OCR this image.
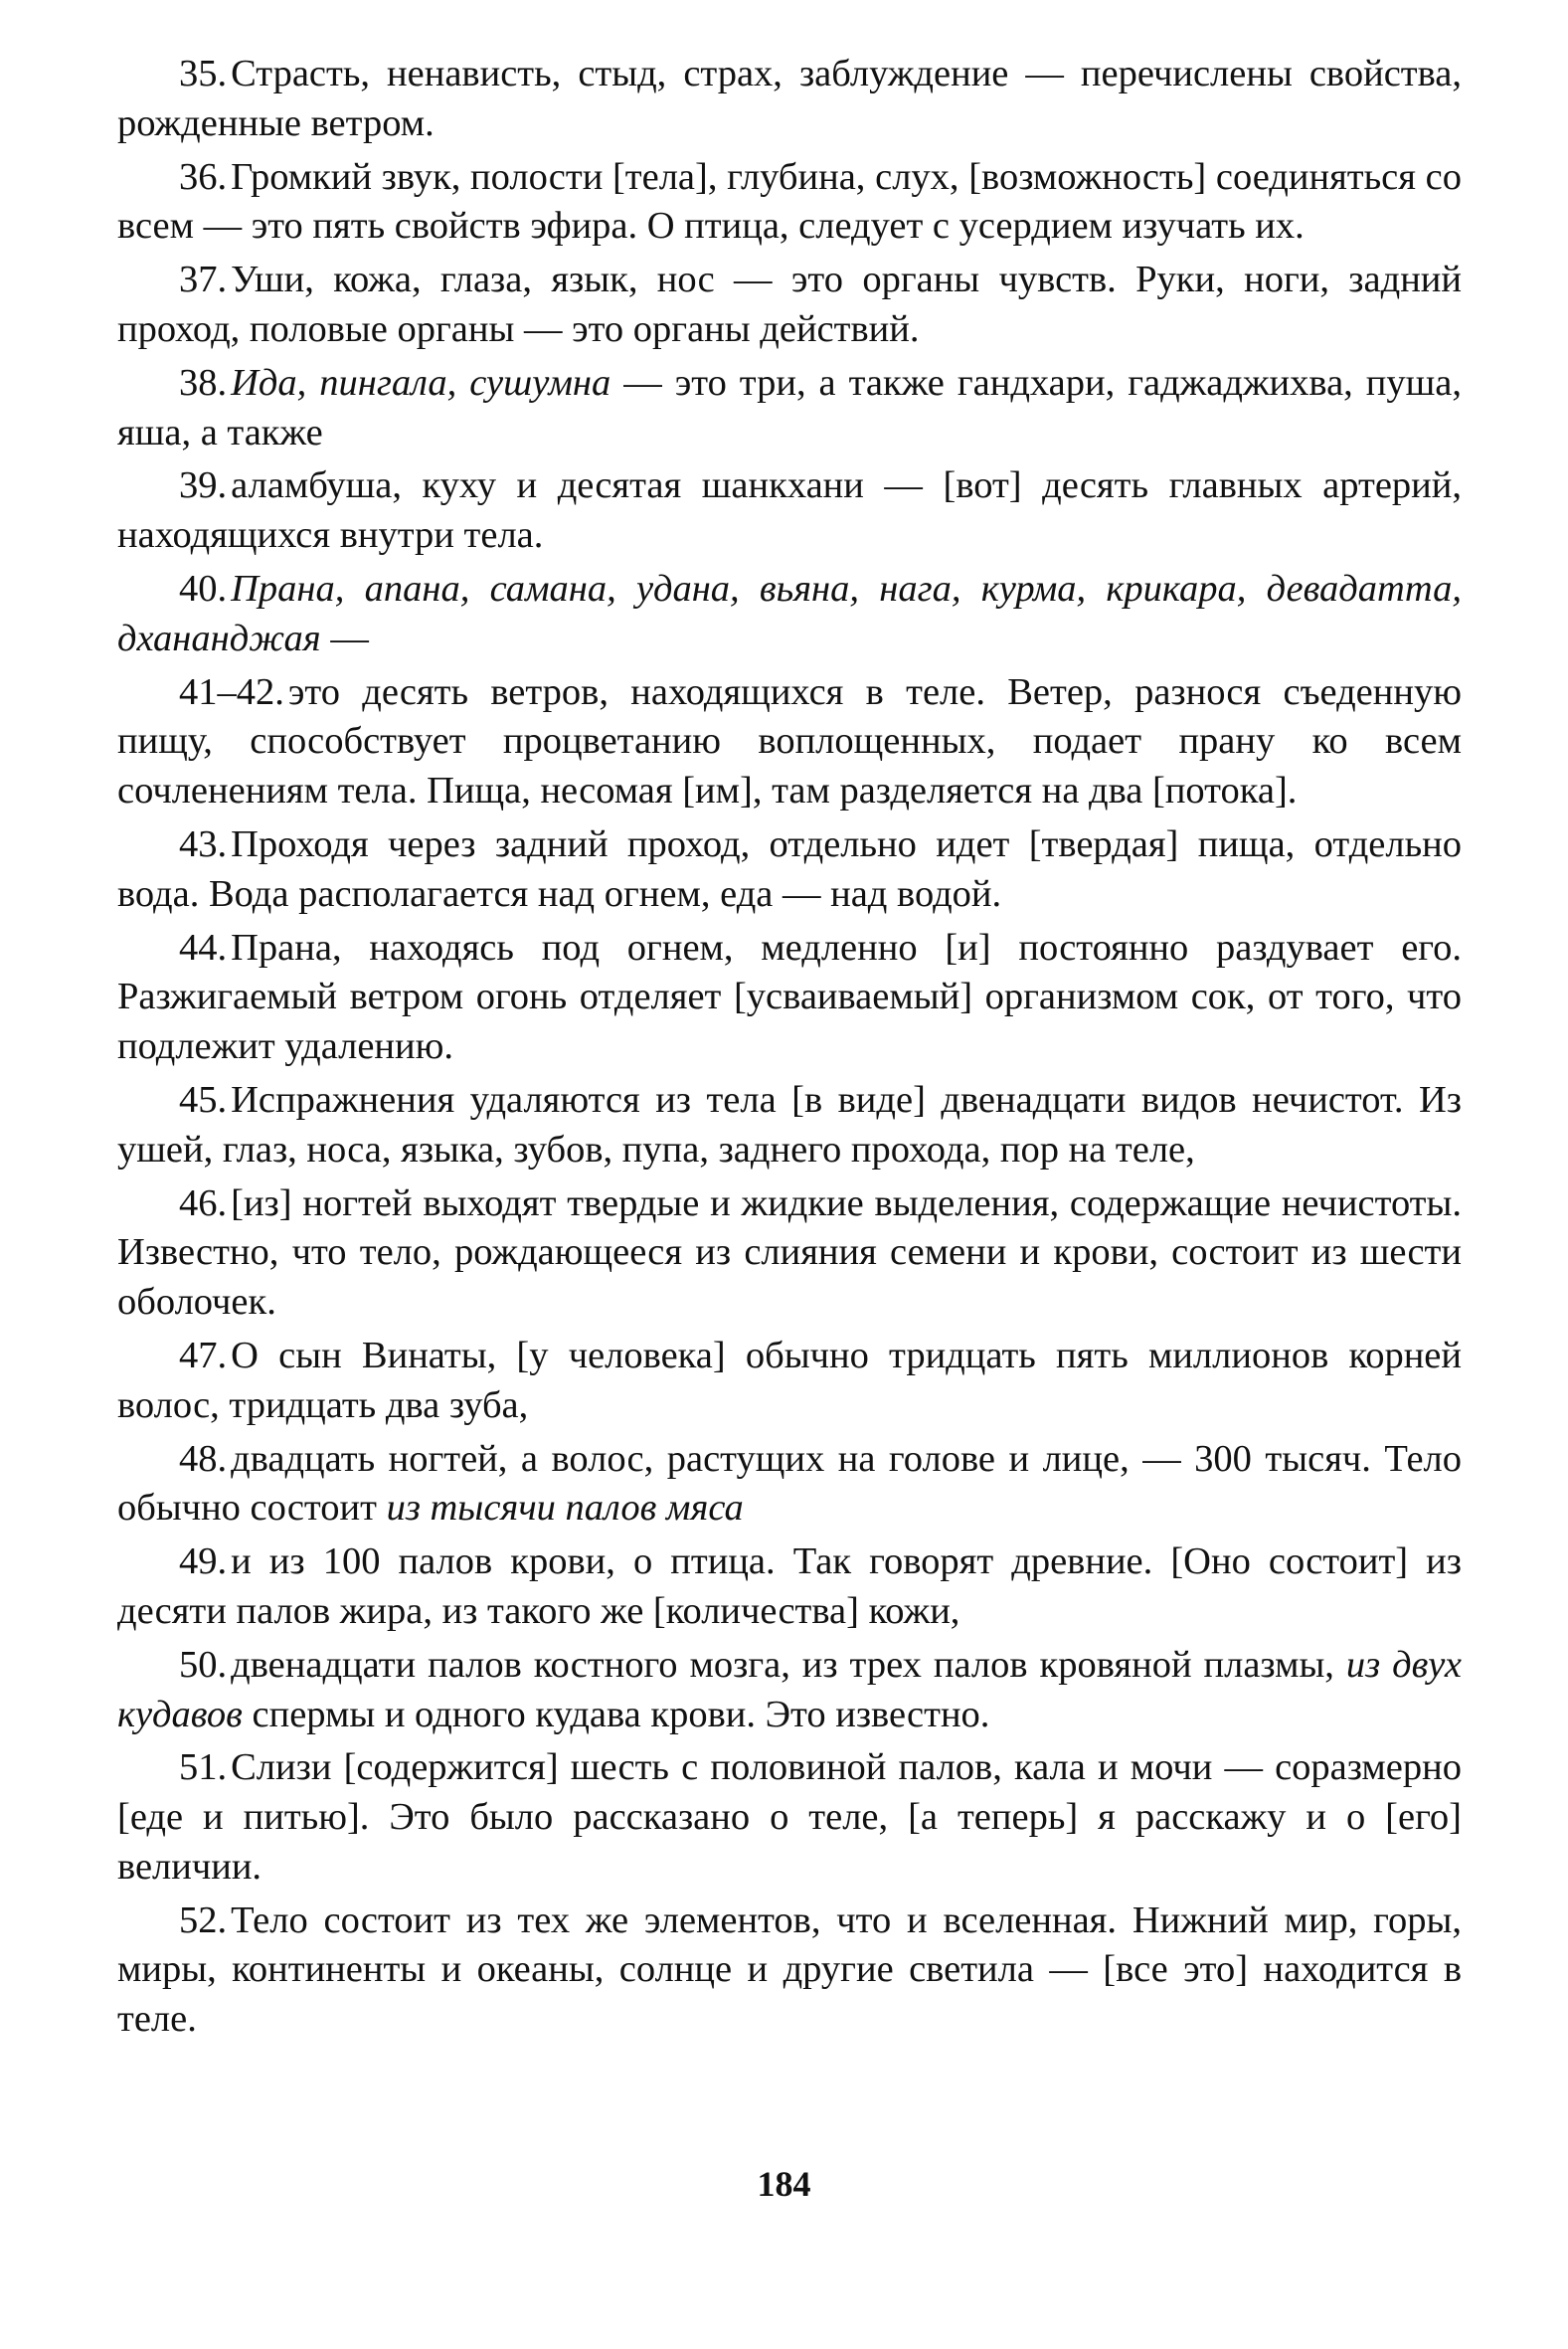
35. Страсть, ненависть, стыд, страх, заблуждение — перечислены свойства, рожденные ветром.

36. Громкий звук, полости [тела], глубина, слух, [возможность] соединяться со всем — это пять свойств эфира. О птица, следует с усердием изучать их.

37. Уши, кожа, глаза, язык, нос — это органы чувств. Руки, ноги, задний проход, половые органы — это органы действий.

38. Ида, пингала, сушумна — это три, а также гандхари, гаджаджихва, пуша, яша, а также

39. аламбуша, куху и десятая шанкхани — [вот] десять главных артерий, находящихся внутри тела.

40. Прана, апана, самана, удана, вьяна, нага, курма, крикара, девадатта, дхананджая —

41–42. это десять ветров, находящихся в теле. Ветер, разнося съеденную пищу, способствует процветанию воплощенных, подает прану ко всем сочленениям тела. Пища, несомая [им], там разделяется на два [потока].

43. Проходя через задний проход, отдельно идет [твердая] пища, отдельно вода. Вода располагается над огнем, еда — над водой.

44. Прана, находясь под огнем, медленно [и] постоянно раздувает его. Разжигаемый ветром огонь отделяет [усваиваемый] организмом сок, от того, что подлежит удалению.

45. Испражнения удаляются из тела [в виде] двенадцати видов нечистот. Из ушей, глаз, носа, языка, зубов, пупа, заднего прохода, пор на теле,

46. [из] ногтей выходят твердые и жидкие выделения, содержащие нечистоты. Известно, что тело, рождающееся из слияния семени и крови, состоит из шести оболочек.

47. О сын Винаты, [у человека] обычно тридцать пять миллионов корней волос, тридцать два зуба,

48. двадцать ногтей, а волос, растущих на голове и лице, — 300 тысяч. Тело обычно состоит из тысячи палов мяса

49. и из 100 палов крови, о птица. Так говорят древние. [Оно состоит] из десяти палов жира, из такого же [количества] кожи,

50. двенадцати палов костного мозга, из трех палов кровяной плазмы, из двух кудавов спермы и одного кудава крови. Это известно.

51. Слизи [содержится] шесть с половиной палов, кала и мочи — соразмерно [еде и питью]. Это было рассказано о теле, [а теперь] я расскажу и о [его] величии.

52. Тело состоит из тех же элементов, что и вселенная. Нижний мир, горы, миры, континенты и океаны, солнце и другие светила — [все это] находится в теле.

184
